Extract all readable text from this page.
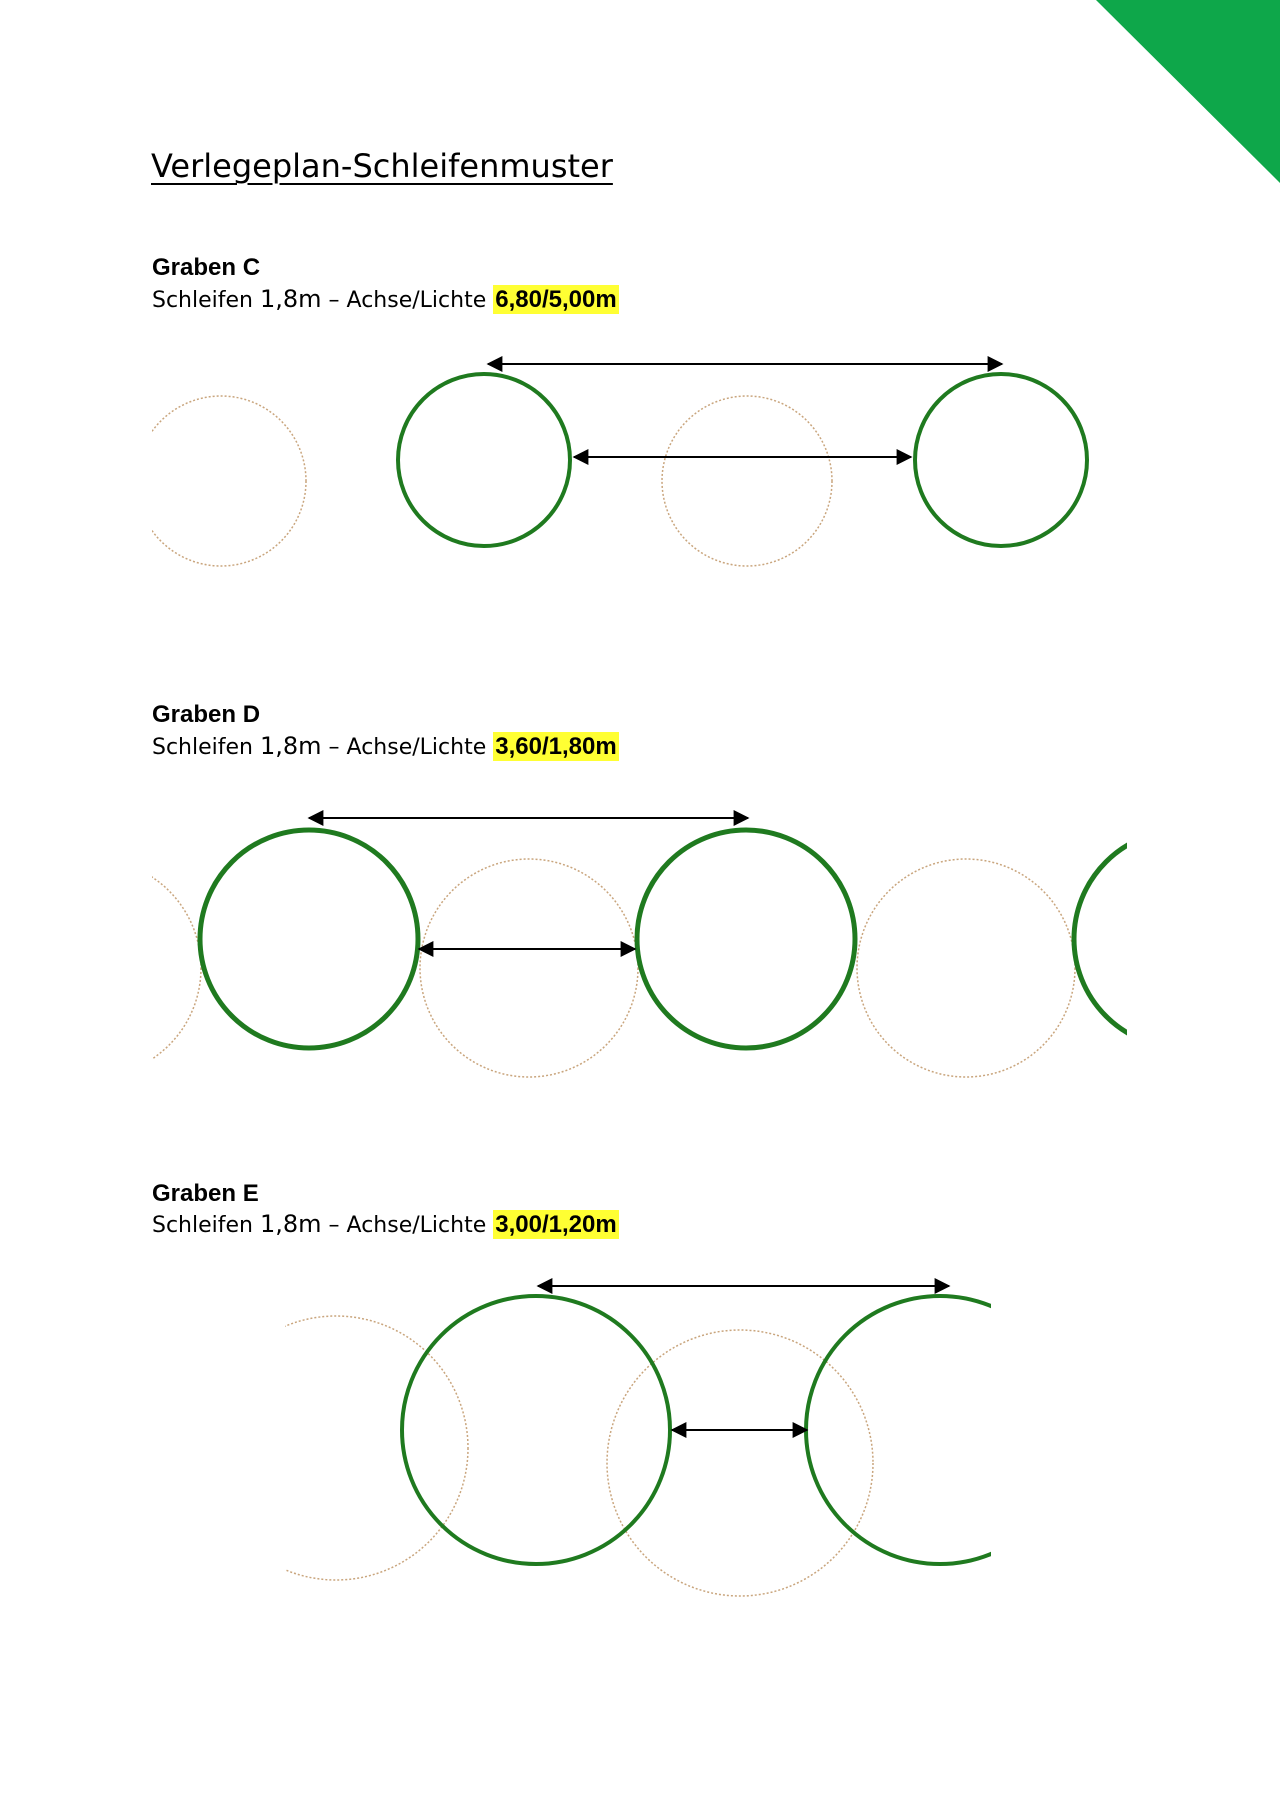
Verlegeplan-Schleifenmuster
Graben C
Schleifen 1,8m – Achse/Lichte 6,80/5,00m
Graben D
Schleifen 1,8m – Achse/Lichte 3,60/1,80m
Graben E
Schleifen 1,8m – Achse/Lichte 3,00/1,20m
